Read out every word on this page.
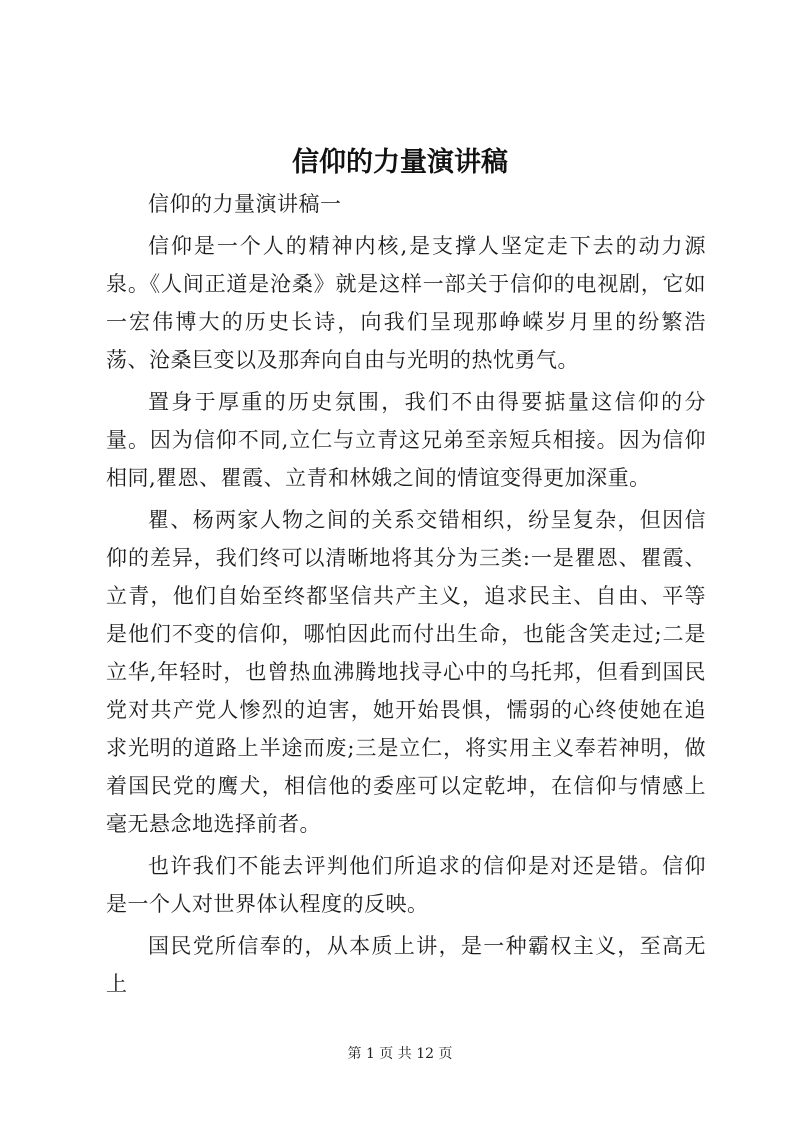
信仰的力量演讲稿

信仰的力量演讲稿一

信仰是一个人的精神内核,是支撑人坚定走下去的动力源泉。《人间正道是沧桑》就是这样一部关于信仰的电视剧，它如一宏伟博大的历史长诗，向我们呈现那峥嵘岁月里的纷繁浩荡、沧桑巨变以及那奔向自由与光明的热忱勇气。

置身于厚重的历史氛围，我们不由得要掂量这信仰的分量。因为信仰不同,立仁与立青这兄弟至亲短兵相接。因为信仰相同,瞿恩、瞿霞、立青和林娥之间的情谊变得更加深重。

瞿、杨两家人物之间的关系交错相织，纷呈复杂，但因信仰的差异，我们终可以清晰地将其分为三类:一是瞿恩、瞿霞、立青，他们自始至终都坚信共产主义，追求民主、自由、平等是他们不变的信仰，哪怕因此而付出生命，也能含笑走过;二是立华,年轻时，也曾热血沸腾地找寻心中的乌托邦，但看到国民党对共产党人惨烈的迫害，她开始畏惧，懦弱的心终使她在追求光明的道路上半途而废;三是立仁，将实用主义奉若神明，做着国民党的鹰犬，相信他的委座可以定乾坤，在信仰与情感上毫无悬念地选择前者。

也许我们不能去评判他们所追求的信仰是对还是错。信仰是一个人对世界体认程度的反映。

国民党所信奉的，从本质上讲，是一种霸权主义，至高无上

第 1 页 共 12 页
